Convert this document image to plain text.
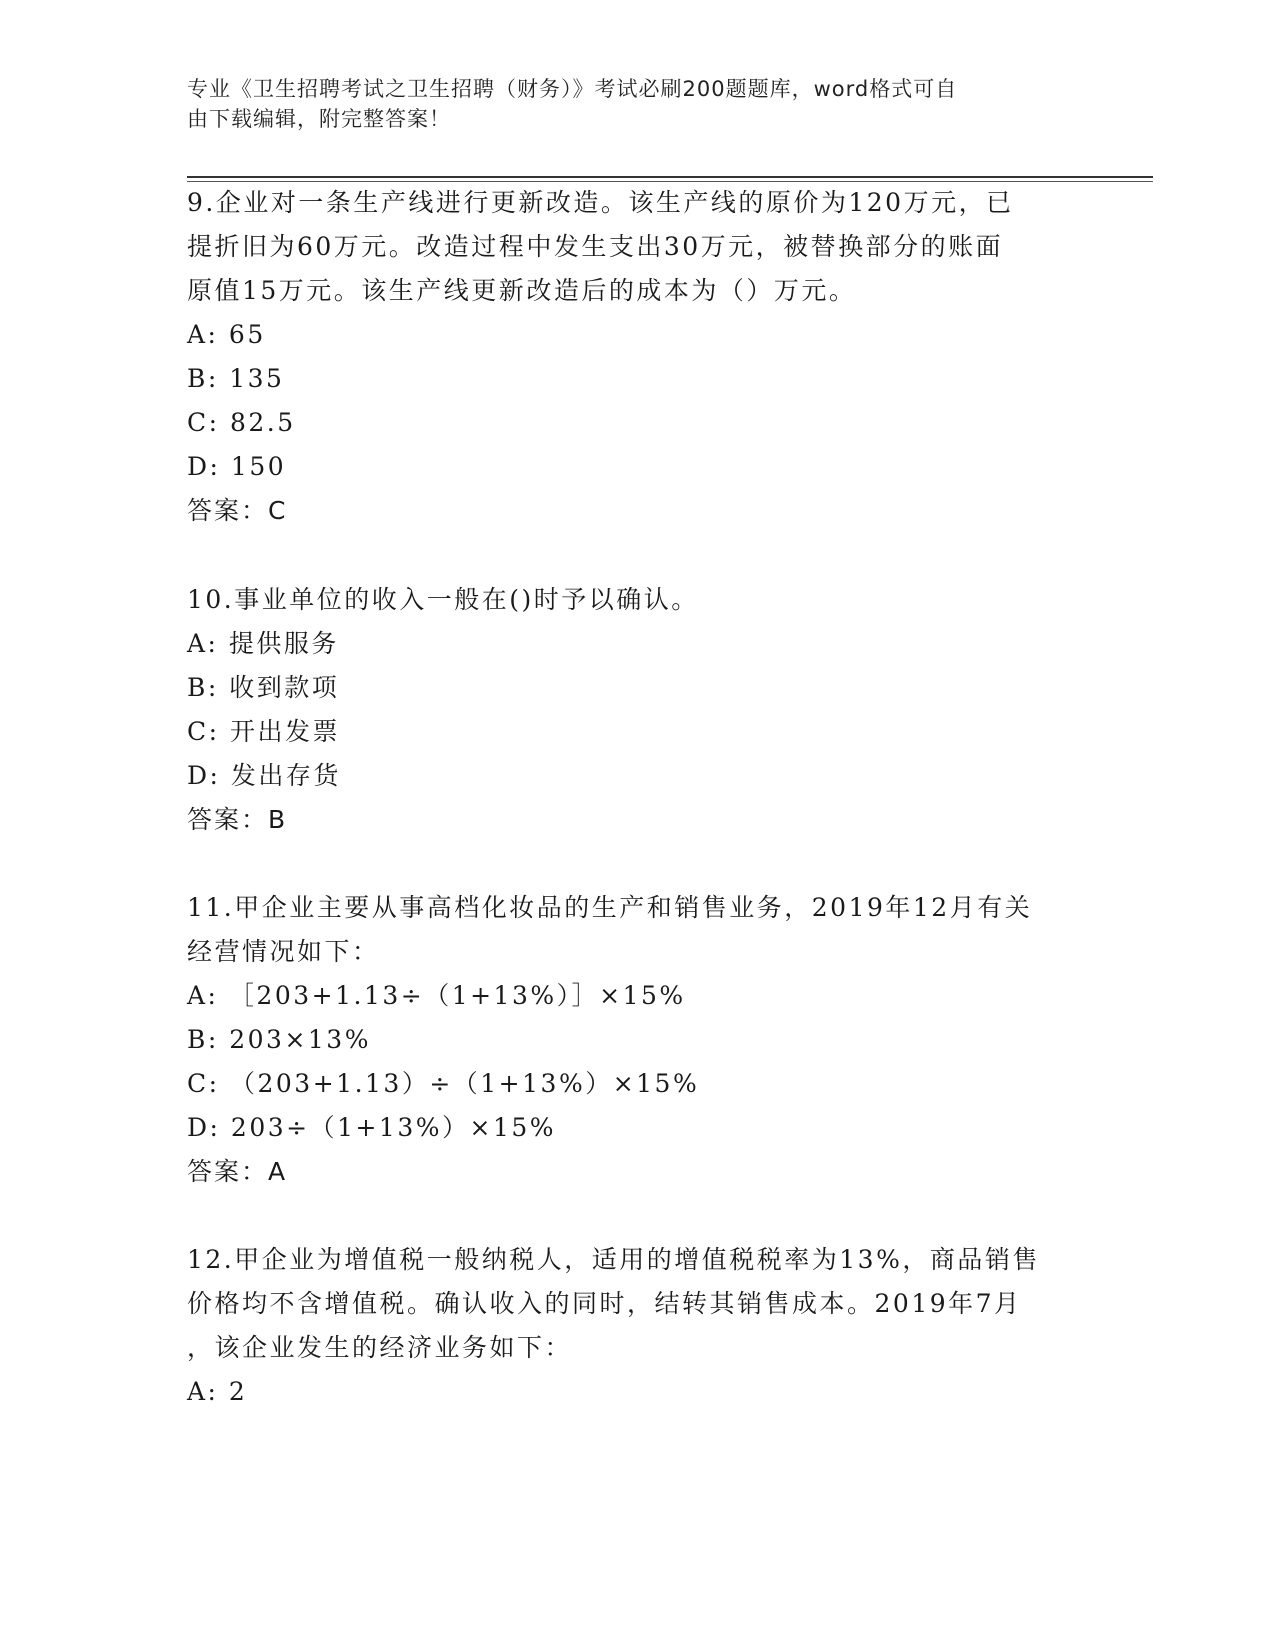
专业《卫生招聘考试之卫生招聘（财务）》考试必刷200题题库，word格式可自
由下载编辑，附完整答案！
9.企业对一条生产线进行更新改造。该生产线的原价为120万元，已
提折旧为60万元。改造过程中发生支出30万元，被替换部分的账面
原值15万元。该生产线更新改造后的成本为（）万元。
A: 65
B: 135
C: 82.5
D: 150
答案：C
10.事业单位的收入一般在()时予以确认。
A: 提供服务
B: 收到款项
C: 开出发票
D: 发出存货
答案：B
11.甲企业主要从事高档化妆品的生产和销售业务，2019年12月有关
经营情况如下：
A: ［203+1.13÷（1+13%）］×15%
B: 203×13%
C: （203+1.13）÷（1+13%）×15%
D: 203÷（1+13%）×15%
答案：A
12.甲企业为增值税一般纳税人，适用的增值税税率为13%，商品销售
价格均不含增值税。确认收入的同时，结转其销售成本。2019年7月
，该企业发生的经济业务如下：
A: 2
